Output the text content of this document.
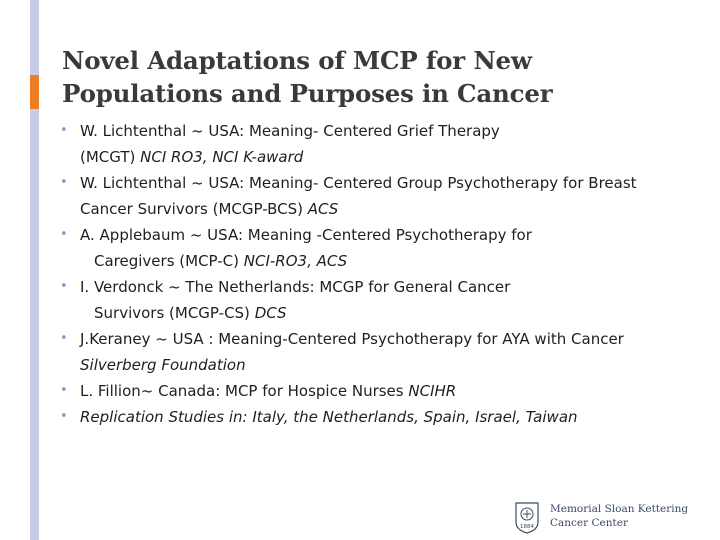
Novel Adaptations of MCP for New
Populations and Purposes in Cancer
• W. Lichtenthal ~ USA: Meaning- Centered Grief Therapy
(MCGT) NCI RO3, NCI K-award
• W. Lichtenthal ~ USA: Meaning- Centered Group Psychotherapy for Breast
Cancer Survivors (MCGP-BCS) ACS
• A. Applebaum ~ USA: Meaning -Centered Psychotherapy for
Caregivers (MCP-C) NCI-RO3, ACS
• I. Verdonck ~ The Netherlands: MCGP for General Cancer
Survivors (MCGP-CS) DCS
• J.Keraney ~ USA : Meaning-Centered Psychotherapy for AYA with Cancer
Silverberg Foundation
• L. Fillion~ Canada: MCP for Hospice Nurses NCIHR
• Replication Studies in: Italy, the Netherlands, Spain, Israel, Taiwan
1884
Memorial Sloan Kettering
Cancer Center
